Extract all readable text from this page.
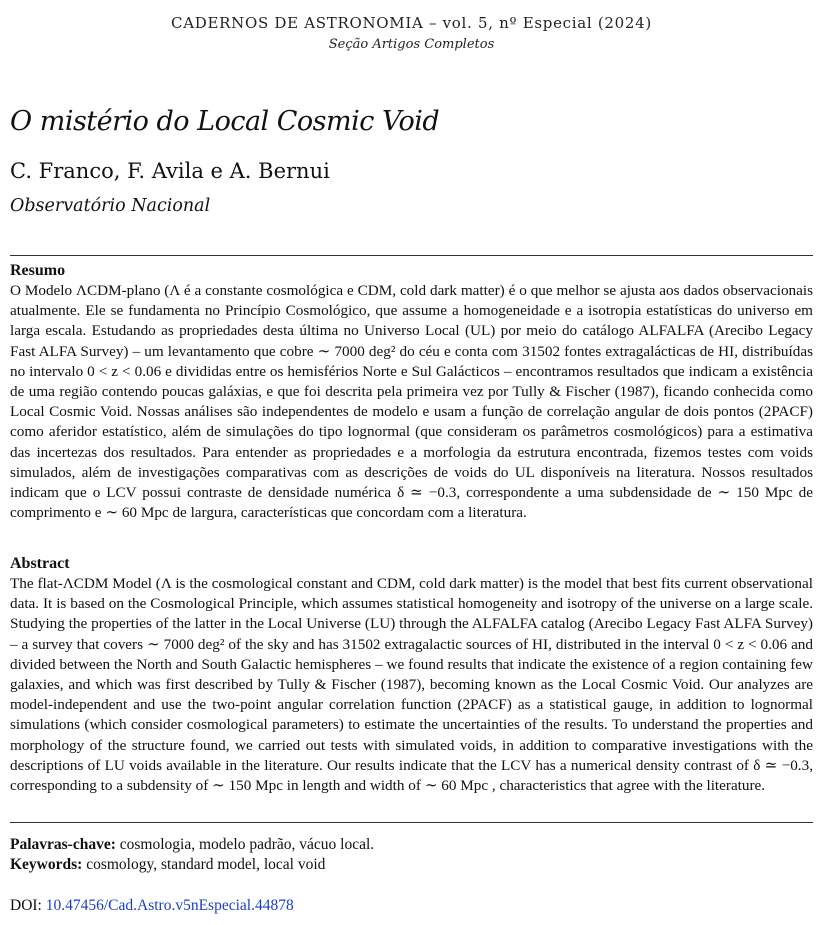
CADERNOS DE ASTRONOMIA – vol. 5, nº Especial (2024)
Seção Artigos Completos
O mistério do Local Cosmic Void
C. Franco, F. Avila e A. Bernui
Observatório Nacional
Resumo

O Modelo ΛCDM-plano (Λ é a constante cosmológica e CDM, cold dark matter) é o que melhor se ajusta aos dados observacionais atualmente. Ele se fundamenta no Princípio Cosmológico, que assume a homogeneidade e a isotropia estatísticas do universo em larga escala. Estudando as propriedades desta última no Universo Local (UL) por meio do catálogo ALFALFA (Arecibo Legacy Fast ALFA Survey) – um levantamento que cobre ∼ 7000 deg² do céu e conta com 31502 fontes extragalácticas de HI, distribuídas no intervalo 0 < z < 0.06 e divididas entre os hemisférios Norte e Sul Galácticos – encontramos resultados que indicam a existência de uma região contendo poucas galáxias, e que foi descrita pela primeira vez por Tully & Fischer (1987), ficando conhecida como Local Cosmic Void. Nossas análises são independentes de modelo e usam a função de correlação angular de dois pontos (2PACF) como aferidor estatístico, além de simulações do tipo lognormal (que consideram os parâmetros cosmológicos) para a estimativa das incertezas dos resultados. Para entender as propriedades e a morfologia da estrutura encontrada, fizemos testes com voids simulados, além de investigações comparativas com as descrições de voids do UL disponíveis na literatura. Nossos resultados indicam que o LCV possui contraste de densidade numérica δ ≃ −0.3, correspondente a uma subdensidade de ∼ 150 Mpc de comprimento e ∼ 60 Mpc de largura, características que concordam com a literatura.

Abstract

The flat-ΛCDM Model (Λ is the cosmological constant and CDM, cold dark matter) is the model that best fits current observational data. It is based on the Cosmological Principle, which assumes statistical homogeneity and isotropy of the universe on a large scale. Studying the properties of the latter in the Local Universe (LU) through the ALFALFA catalog (Arecibo Legacy Fast ALFA Survey) – a survey that covers ∼ 7000 deg² of the sky and has 31502 extragalactic sources of HI, distributed in the interval 0 < z < 0.06 and divided between the North and South Galactic hemispheres – we found results that indicate the existence of a region containing few galaxies, and which was first described by Tully & Fischer (1987), becoming known as the Local Cosmic Void. Our analyzes are model-independent and use the two-point angular correlation function (2PACF) as a statistical gauge, in addition to lognormal simulations (which consider cosmological parameters) to estimate the uncertainties of the results. To understand the properties and morphology of the structure found, we carried out tests with simulated voids, in addition to comparative investigations with the descriptions of LU voids available in the literature. Our results indicate that the LCV has a numerical density contrast of δ ≃ −0.3, corresponding to a subdensity of ∼ 150 Mpc in length and width of ∼ 60 Mpc , characteristics that agree with the literature.

Palavras-chave: cosmologia, modelo padrão, vácuo local.
Keywords: cosmology, standard model, local void
DOI: 10.47456/Cad.Astro.v5nEspecial.44878
